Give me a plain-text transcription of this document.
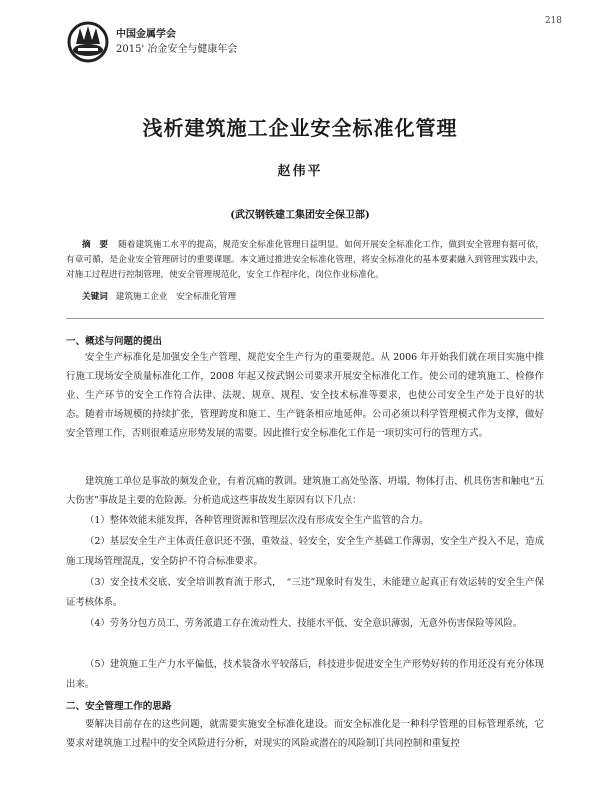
218
中国金属学会
2015' 冶金安全与健康年会
浅析建筑施工企业安全标准化管理
赵伟平
(武汉钢铁建工集团安全保卫部)
摘　要 随着建筑施工水平的提高，规范安全标准化管理日益明显。如何开展安全标准化工作，做到安全管理有据可依，有章可循，是企业安全管理研讨的重要课题。本文通过推进安全标准化管理，将安全标准化的基本要素融入到管理实践中去，对施工过程进行控制管理，使安全管理规范化，安全工作程序化，岗位作业标准化。
关键词 建筑施工企业　安全标准化管理
一、概述与问题的提出

安全生产标准化是加强安全生产管理、规范安全生产行为的重要规范。从 2006 年开始我们就在项目实施中推行施工现场安全质量标准化工作，2008 年起又按武钢公司要求开展安全标准化工作。使公司的建筑施工、检修作业、生产环节的安全工作符合法律、法规、规章、规程、安全技术标准等要求，也使公司安全生产处于良好的状态。随着市场规模的持续扩张，管理跨度和施工、生产链条相应地延伸。公司必须以科学管理模式作为支撑，做好安全管理工作，否则很难适应形势发展的需要。因此推行安全标准化工作是一项切实可行的管理方式。

建筑施工单位是事故的频发企业，有着沉痛的教训。建筑施工高处坠落、坍塌、物体打击、机具伤害和触电“五大伤害”事故是主要的危险源。分析造成这些事故发生原因有以下几点：

（1）整体效能未能发挥，各种管理资源和管理层次没有形成安全生产监管的合力。

（2）基层安全生产主体责任意识还不强，重效益、轻安全，安全生产基础工作薄弱，安全生产投入不足，造成施工现场管理混乱，安全防护不符合标准要求。

（3）安全技术交底、安全培训教育流于形式，　“三违”现象时有发生，未能建立起真正有效运转的安全生产保证考核体系。

（4）劳务分包方员工、劳务派遣工存在流动性大、技能水平低、安全意识薄弱，无意外伤害保险等风险。

（5）建筑施工生产力水平偏低，技术装备水平较落后，科技进步促进安全生产形势好转的作用还没有充分体现出来。

二、安全管理工作的思路

要解决目前存在的这些问题，就需要实施安全标准化建设。而安全标准化是一种科学管理的目标管理系统，它要求对建筑施工过程中的安全风险进行分析，对现实的风险或潜在的风险制订共同控制和重复控
